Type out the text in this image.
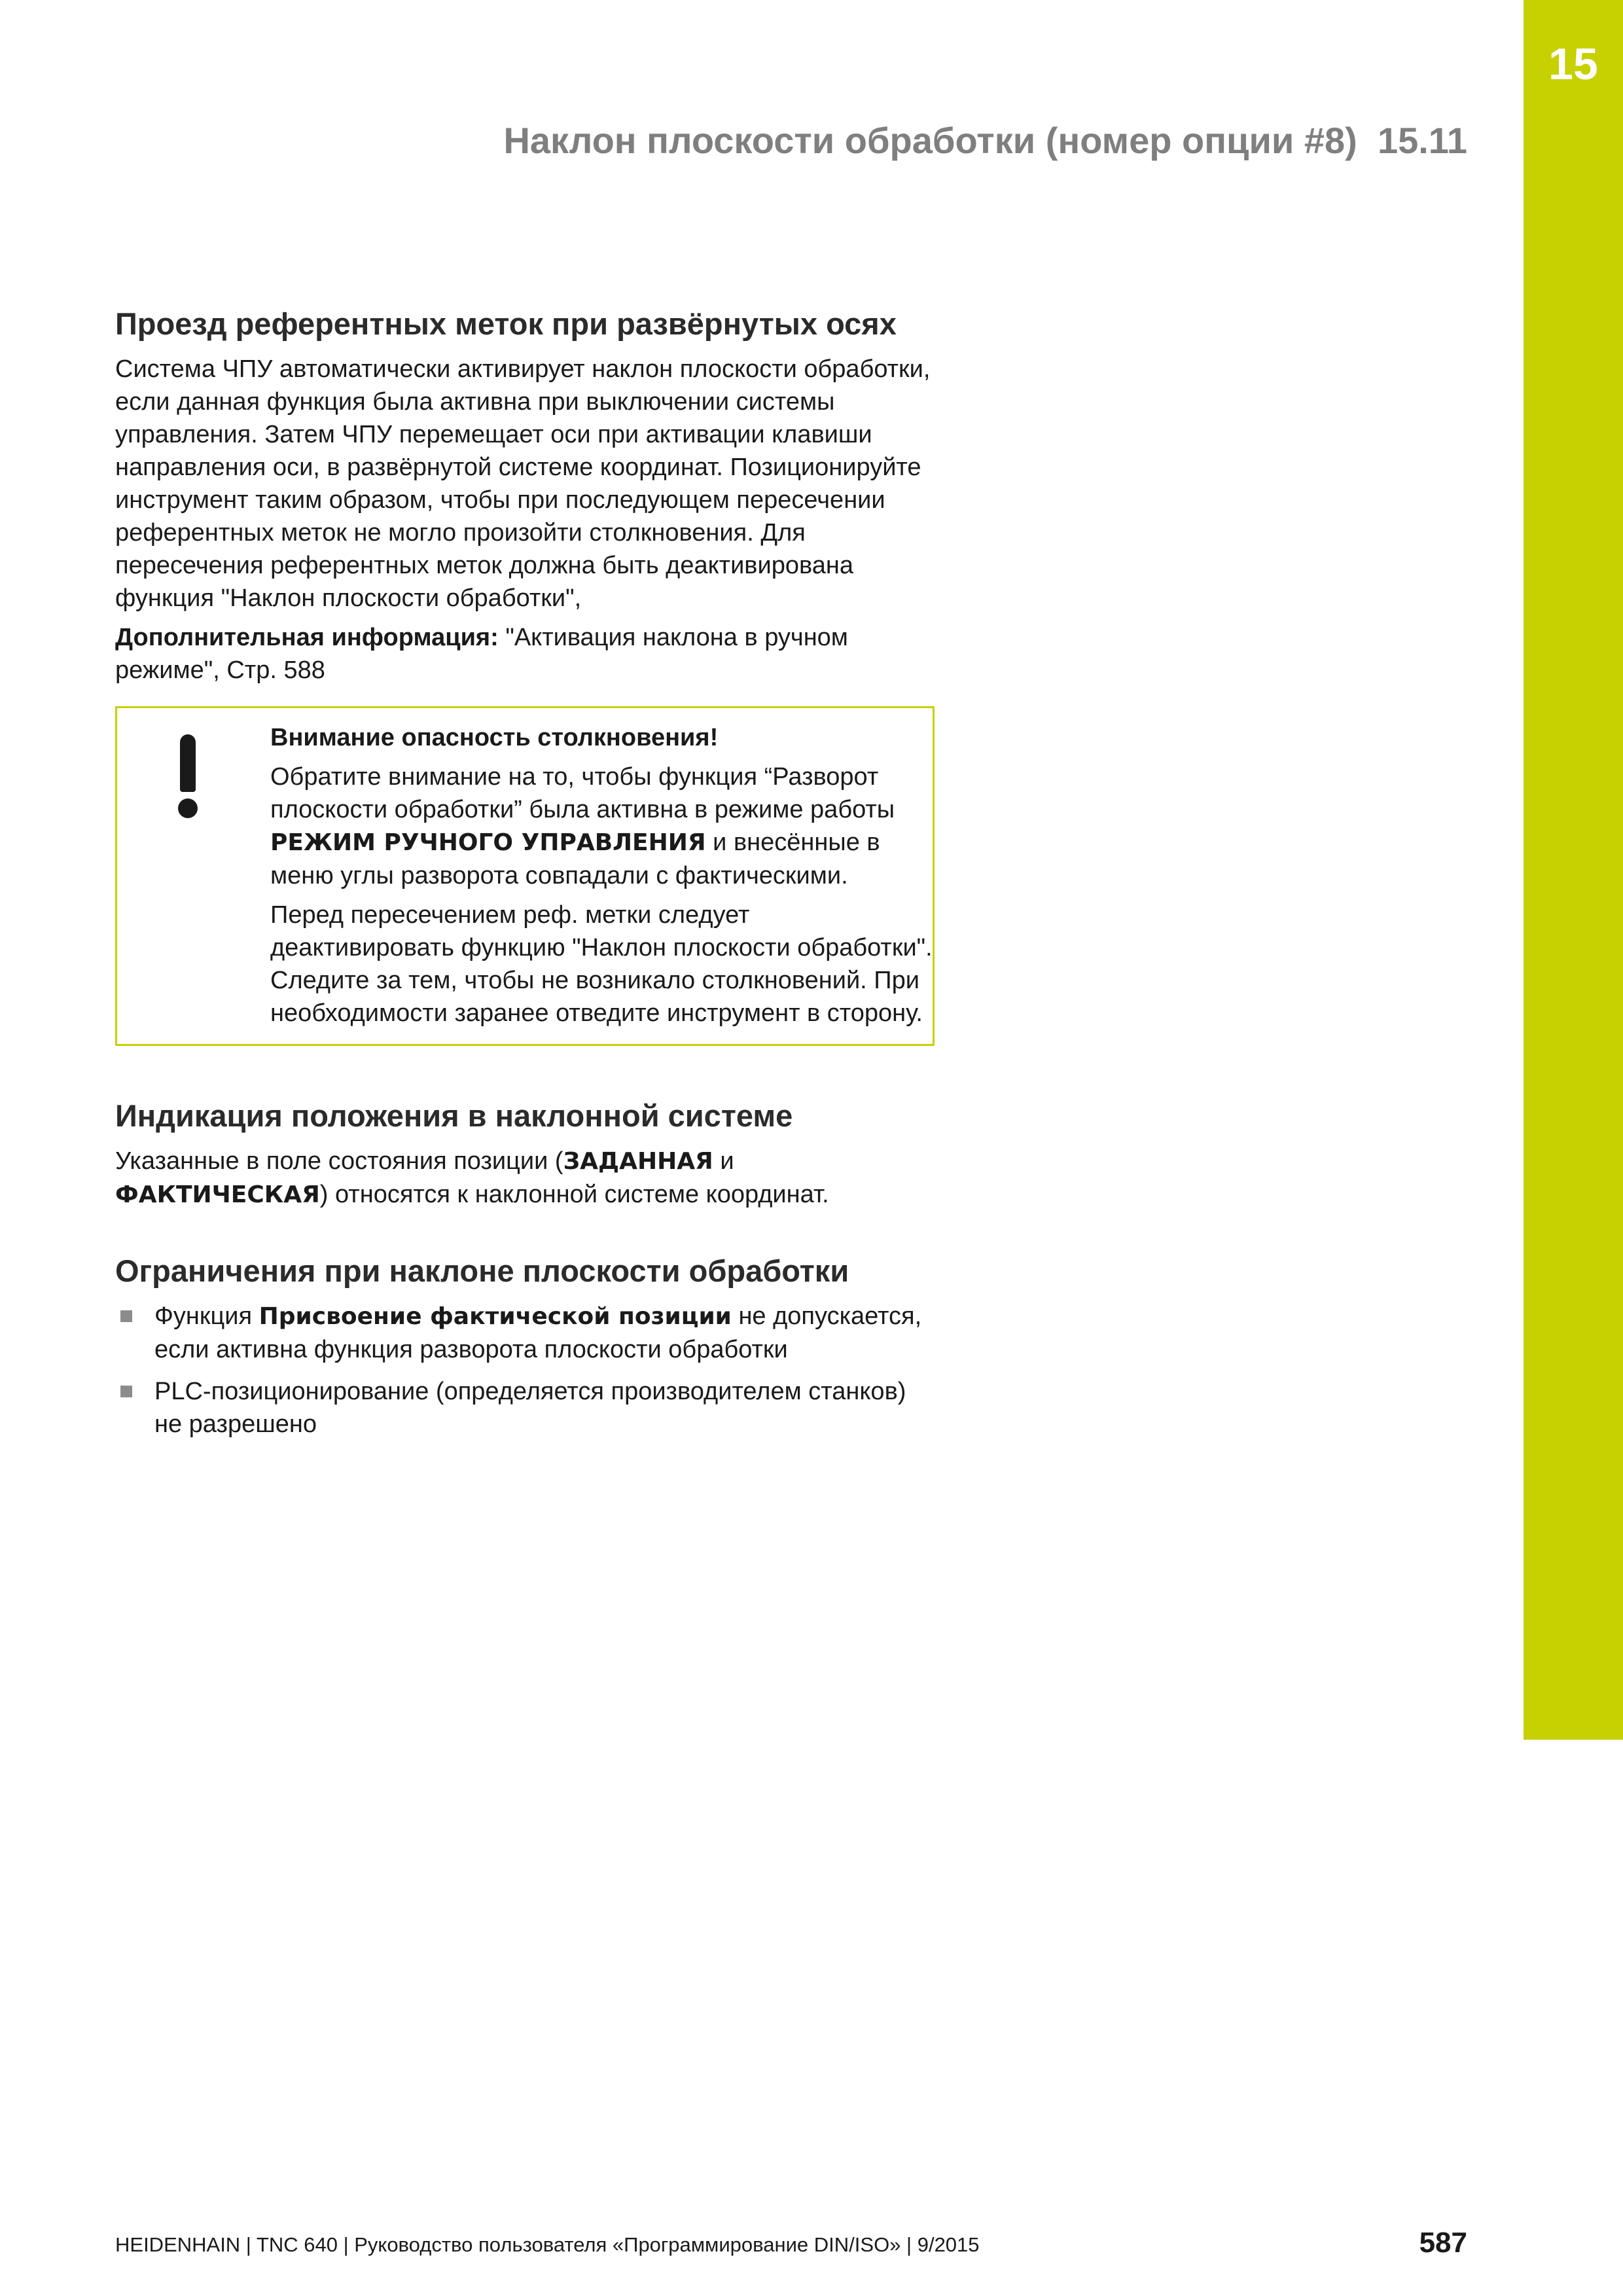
15
Наклон плоскости обработки (номер опции #8) 15.11
Проезд референтных меток при развёрнутых осях

Система ЧПУ автоматически активирует наклон плоскости обработки, если данная функция была активна при выключении системы управления. Затем ЧПУ перемещает оси при активации клавиши направления оси, в развёрнутой системе координат. Позиционируйте инструмент таким образом, чтобы при последующем пересечении референтных меток не могло произойти столкновения. Для пересечения референтных меток должна быть деактивирована функция "Наклон плоскости обработки",

Дополнительная информация: "Активация наклона в ручном режиме", Стр. 588

Внимание опасность столкновения!

Обратите внимание на то, чтобы функция “Разворот плоскости обработки” была активна в режиме работы РЕЖИМ РУЧНОГО УПРАВЛЕНИЯ и внесённые в меню углы разворота совпадали с фактическими.

Перед пересечением реф. метки следует деактивировать функцию "Наклон плоскости обработки". Следите за тем, чтобы не возникало столкновений. При необходимости заранее отведите инструмент в сторону.

Индикация положения в наклонной системе

Указанные в поле состояния позиции (ЗАДАННАЯ и ФАКТИЧЕСКАЯ) относятся к наклонной системе координат.

Ограничения при наклоне плоскости обработки
Функция Присвоение фактической позиции не допускается, если активна функция разворота плоскости обработки
PLC-позиционирование (определяется производителем станков) не разрешено
HEIDENHAIN | TNC 640 | Руководство пользователя «Программирование DIN/ISO» | 9/2015	587
